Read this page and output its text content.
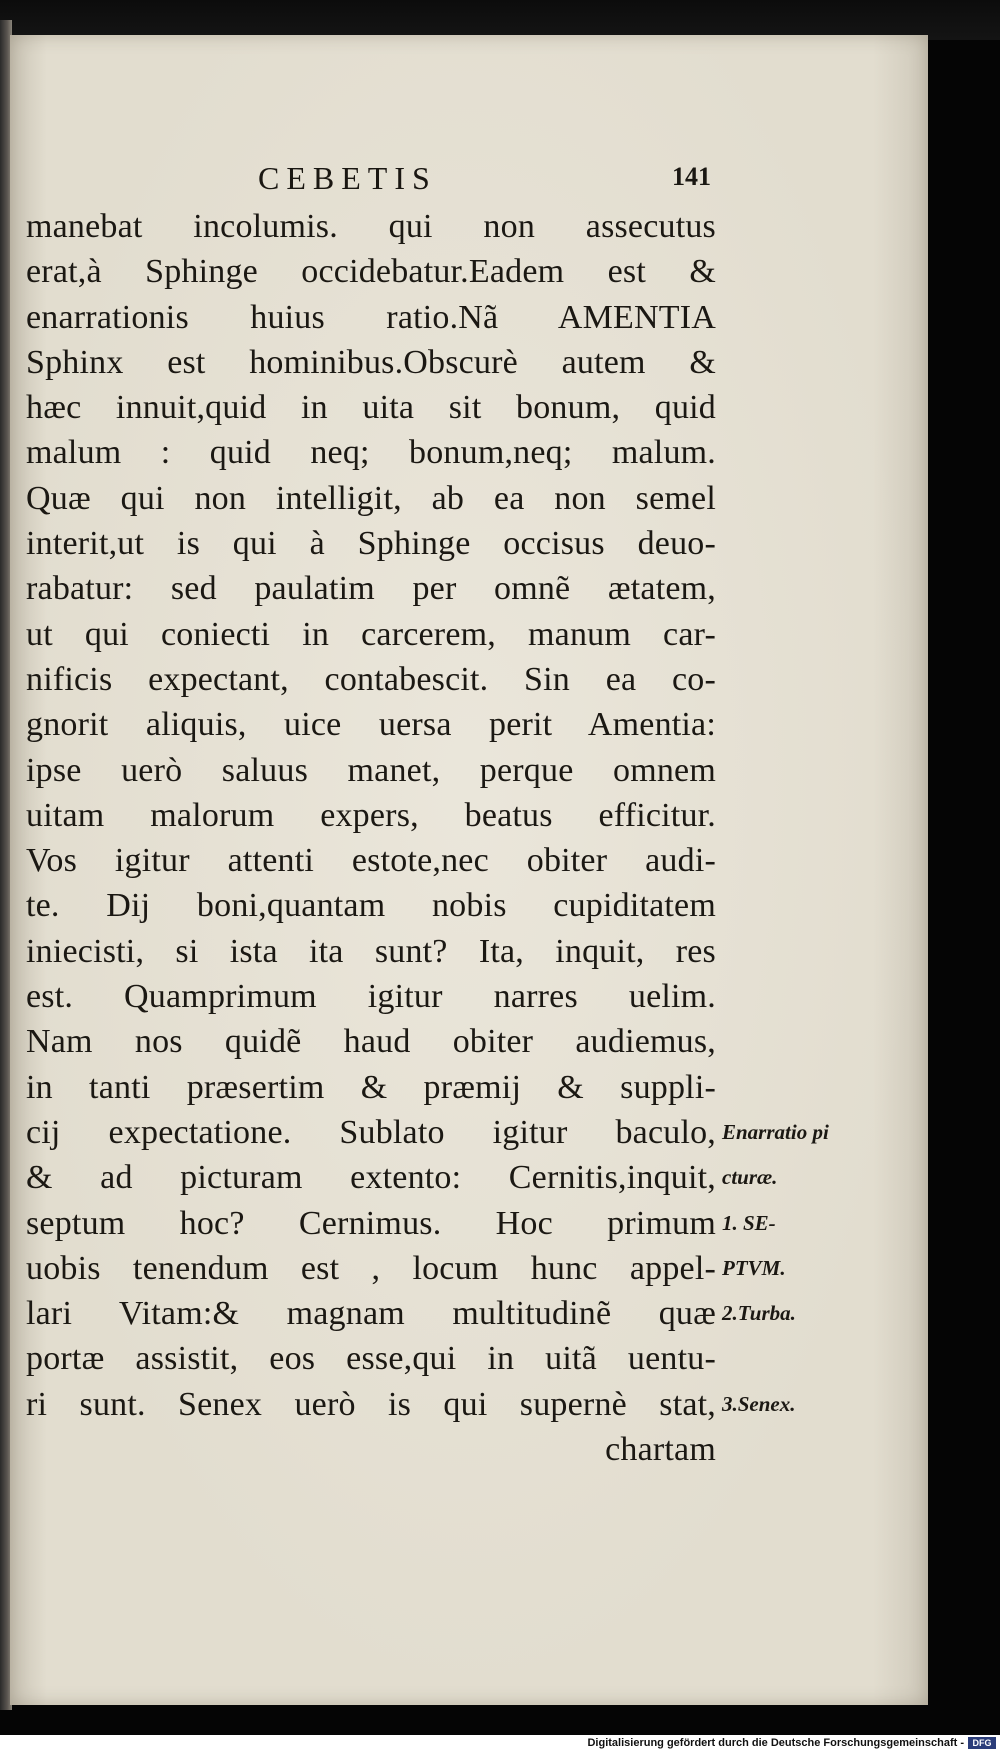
CEBETIS	141
manebat incolumis. qui non assecutus
erat,à Sphinge occidebatur.Eadem est &
enarrationis huius ratio.Nã AMENTIA
Sphinx est hominibus.Obscurè autem &
hæc innuit,quid in uita sit bonum, quid
malum : quid neq; bonum,neq; malum.
Quæ qui non intelligit, ab ea non semel
interit,ut is qui à Sphinge occisus deuo-
rabatur: sed paulatim per omnẽ ætatem,
ut qui coniecti in carcerem, manum car-
nificis expectant, contabescit. Sin ea co-
gnorit aliquis, uice uersa perit Amentia:
ipse uerò saluus manet, perque omnem
uitam malorum expers, beatus efficitur.
Vos igitur attenti estote,nec obiter audi-
te. Dij boni,quantam nobis cupiditatem
iniecisti, si ista ita sunt? Ita, inquit, res
est. Quamprimum igitur narres uelim.
Nam nos quidẽ haud obiter audiemus,
in tanti præsertim & præmij & suppli-
cij expectatione. Sublato igitur baculo,
& ad picturam extento: Cernitis,inquit,
septum hoc? Cernimus. Hoc primum
uobis tenendum est , locum hunc appel-
lari Vitam:& magnam multitudinẽ quæ
portæ assistit, eos esse,qui in uitã uentu-
ri sunt. Senex uerò is qui supernè stat,
chartam
Enarratio pi
cturæ.
1. SE-
PTVM.
2.Turba.
3.Senex.
Digitalisierung gefördert durch die Deutsche Forschungsgemeinschaft - DFG
